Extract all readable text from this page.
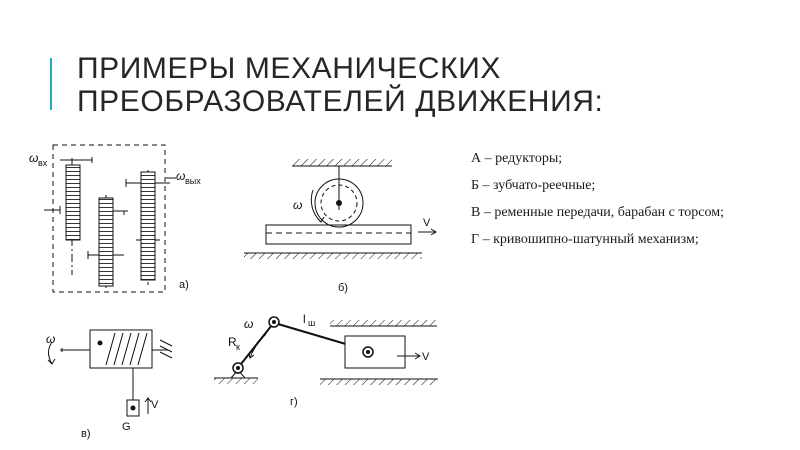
ПРИМЕРЫ МЕХАНИЧЕСКИХ
ПРЕОБРАЗОВАТЕЛЕЙ ДВИЖЕНИЯ:
А – редукторы;
Б – зубчато-реечные;
В – ременные передачи, барабан с торсом;
Г – кривошипно-шатунный механизм;
ω вх
ω вых
а)
ω
V
б)
ω
V
G
в)
ω
R к
l ш
V
г)
